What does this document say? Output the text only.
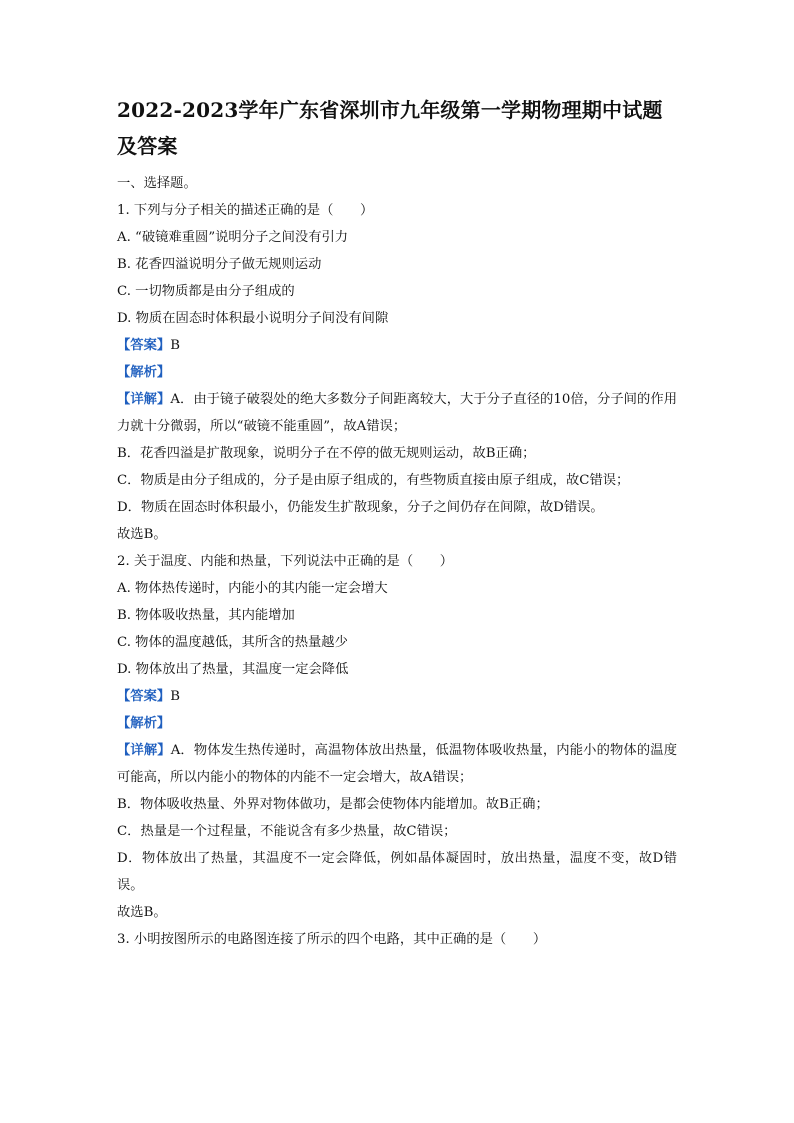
2022-2023学年广东省深圳市九年级第一学期物理期中试题
及答案
一、选择题。
1. 下列与分子相关的描述正确的是（　　）
A. “破镜难重圆”说明分子之间没有引力
B. 花香四溢说明分子做无规则运动
C. 一切物质都是由分子组成的
D. 物质在固态时体积最小说明分子间没有间隙
【答案】B
【解析】
【详解】A．由于镜子破裂处的绝大多数分子间距离较大，大于分子直径的10倍，分子间的作用力就十分微弱，所以“破镜不能重圆”，故A错误；
B．花香四溢是扩散现象，说明分子在不停的做无规则运动，故B正确；
C．物质是由分子组成的，分子是由原子组成的，有些物质直接由原子组成，故C错误；
D．物质在固态时体积最小，仍能发生扩散现象，分子之间仍存在间隙，故D错误。
故选B。
2. 关于温度、内能和热量，下列说法中正确的是（　　）
A. 物体热传递时，内能小的其内能一定会增大
B. 物体吸收热量，其内能增加
C. 物体的温度越低，其所含的热量越少
D. 物体放出了热量，其温度一定会降低
【答案】B
【解析】
【详解】A．物体发生热传递时，高温物体放出热量，低温物体吸收热量，内能小的物体的温度可能高，所以内能小的物体的内能不一定会增大，故A错误；
B．物体吸收热量、外界对物体做功，是都会使物体内能增加。故B正确；
C．热量是一个过程量，不能说含有多少热量，故C错误；
D．物体放出了热量，其温度不一定会降低，例如晶体凝固时，放出热量，温度不变，故D错误。
故选B。
3. 小明按图所示的电路图连接了所示的四个电路，其中正确的是（　　）
